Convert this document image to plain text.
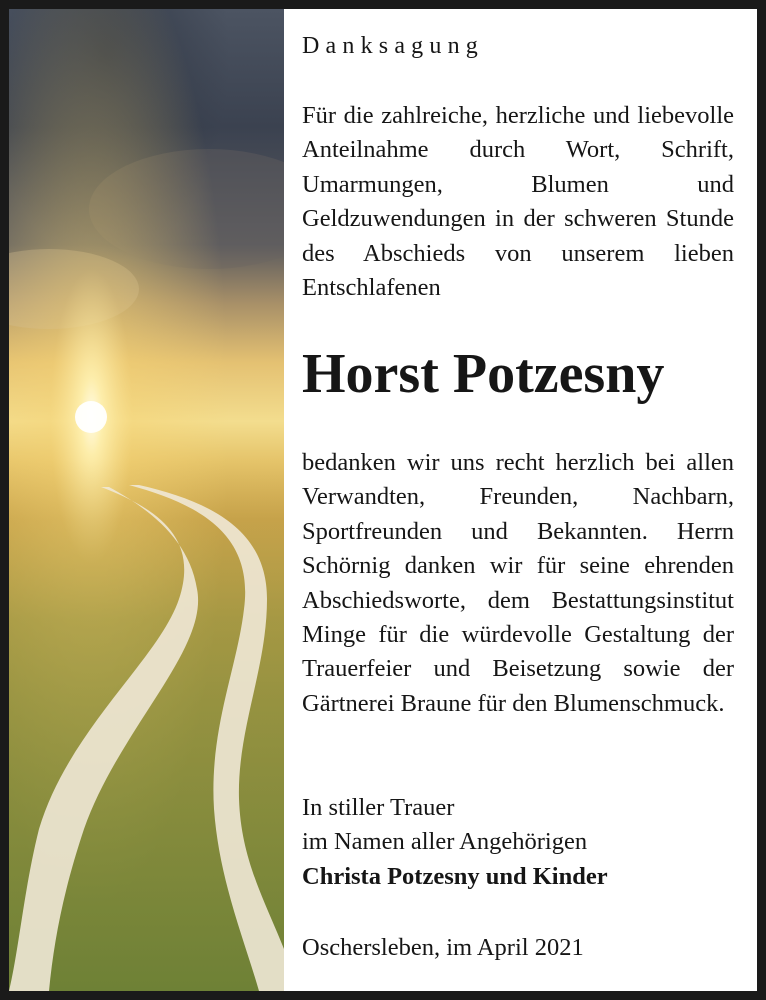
Danksagung

Für die zahlreiche, herzliche und liebevolle Anteilnahme durch Wort, Schrift, Umarmungen, Blumen und Geldzuwendungen in der schweren Stunde des Abschieds von unserem lieben Entschlafenen

Horst Potzesny

bedanken wir uns recht herzlich bei allen Verwandten, Freunden, Nachbarn, Sportfreunden und Bekannten. Herrn Schörnig danken wir für seine ehrenden Abschiedsworte, dem Bestattungsinstitut Minge für die würdevolle Gestaltung der Trauerfeier und Beisetzung sowie der Gärtnerei Braune für den Blumenschmuck.

In stiller Trauer
im Namen aller Angehörigen
Christa Potzesny und Kinder

Oschersleben, im April 2021
